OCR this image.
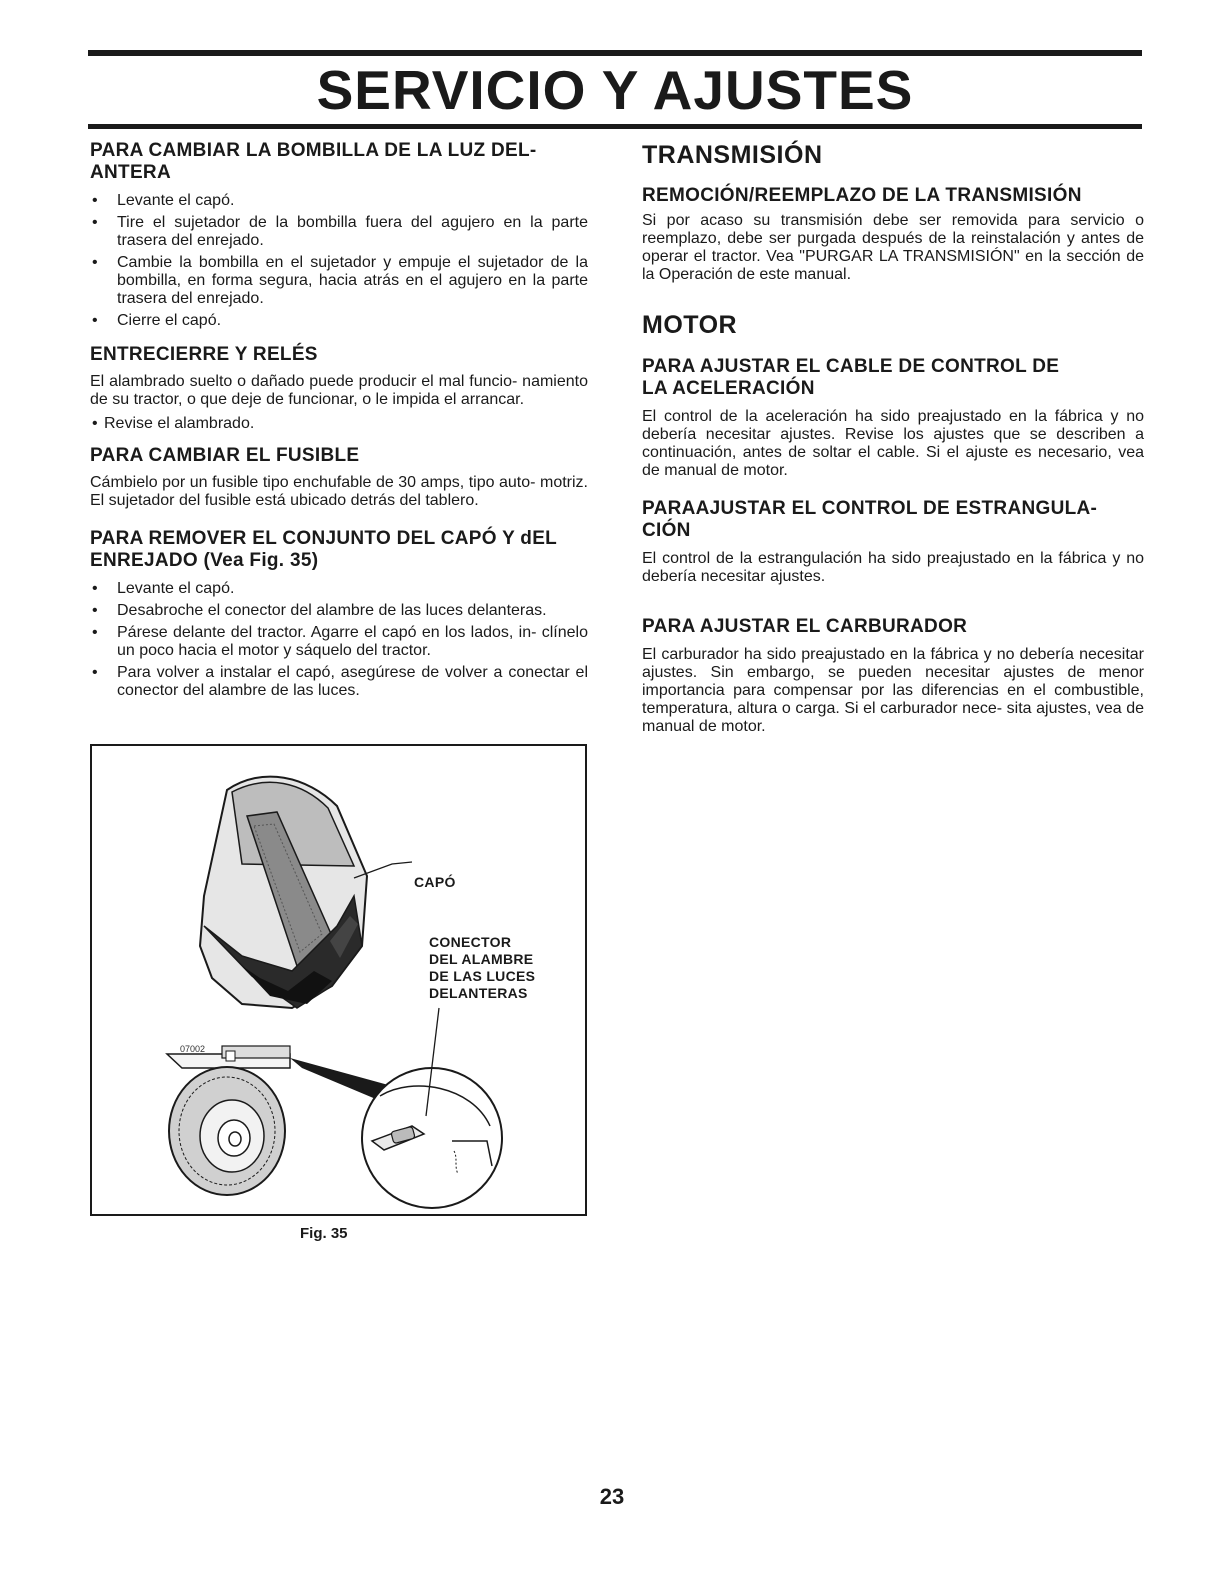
SERVICIO Y AJUSTES
PARA CAMBIAR LA BOMBILLA DE LA LUZ DEL- ANTERA
• Levante el capó.
• Tire el sujetador de la bombilla fuera del agujero en la parte trasera del enrejado.
• Cambie la bombilla en el sujetador y empuje el sujetador de la bombilla, en forma segura, hacia atrás en el agujero en la parte trasera del enrejado.
• Cierre el capó.
ENTRECIERRE Y RELÉS

El alambrado suelto o dañado puede producir el mal funcio- namiento de su tractor, o que deje de funcionar, o le impida el arrancar.

• Revise el alambrado.
PARA CAMBIAR EL FUSIBLE

Cámbielo por un fusible tipo enchufable de 30 amps, tipo auto- motriz. El sujetador del fusible está ubicado detrás del tablero.

PARA REMOVER EL CONJUNTO DEL CAPÓ Y dEL ENREJADO (Vea Fig. 35)
• Levante el capó.
• Desabroche el conector del alambre de las luces delanteras.
• Párese delante del tractor. Agarre el capó en los lados, in- clínelo un poco hacia el motor y sáquelo del tractor.
• Para volver a instalar el capó, asegúrese de volver a conectar el conector del alambre de las luces.
CAPÓ
CONECTOR
DEL ALAMBRE
DE LAS LUCES
DELANTERAS
07002
Fig. 35
TRANSMISIÓN
REMOCIÓN/REEMPLAZO DE LA TRANSMISIÓN

Si por acaso su transmisión debe ser removida para servicio o reemplazo, debe ser purgada después de la reinstalación y antes de operar el tractor. Vea "PURGAR LA TRANSMISIÓN" en la sección de la Operación de este manual.

MOTOR
PARA AJUSTAR EL CABLE DE CONTROL DE LA ACELERACIÓN

El control de la aceleración ha sido preajustado en la fábrica y no debería necesitar ajustes. Revise los ajustes que se describen a continuación, antes de soltar el cable. Si el ajuste es necesario, vea de manual de motor.

PARAAJUSTAR EL CONTROL DE ESTRANGULA- CIÓN

El control de la estrangulación ha sido preajustado en la fábrica y no debería necesitar ajustes.

PARA AJUSTAR EL CARBURADOR

El carburador ha sido preajustado en la fábrica y no debería necesitar ajustes. Sin embargo, se pueden necesitar ajustes de menor importancia para compensar por las diferencias en el combustible, temperatura, altura o carga. Si el carburador nece- sita ajustes, vea de manual de motor.

23
